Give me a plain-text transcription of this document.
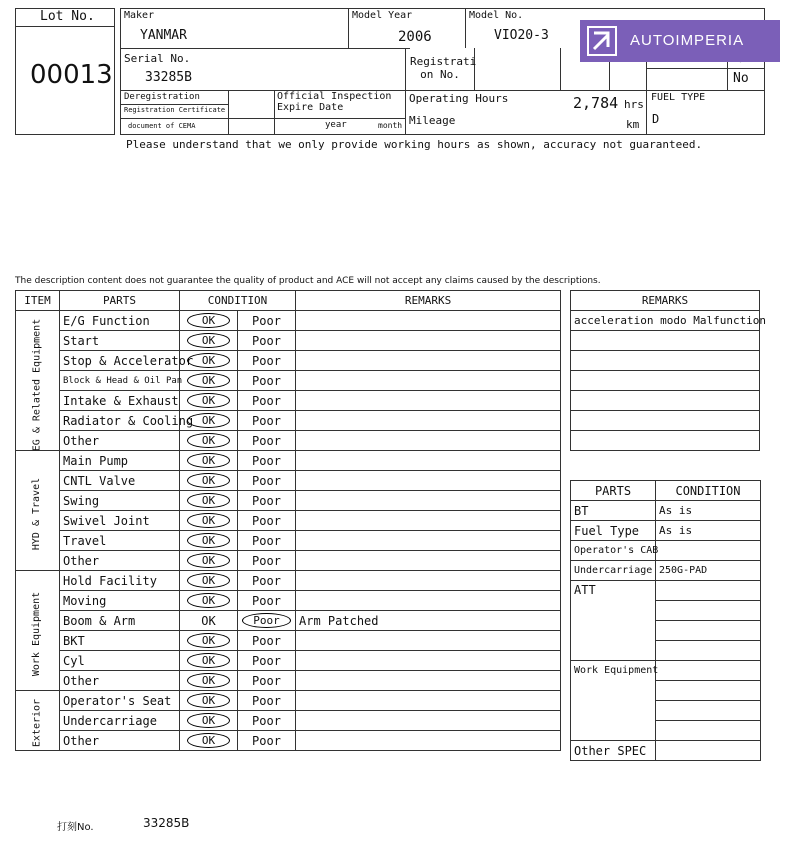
Lot No.
00013
Maker
YANMAR
Model Year
2006
Model No.
VIO20-3
Serial No.
33285B
Registrati on No.	No
Deregistration
Registration Certificate
document of CEMA
Official Inspection Expire Date
year	month
Operating Hours	2,784 hrs
Mileage	km
FUEL TYPE
D
AUTOIMPERIA
Please understand that we only provide working hours as shown, accuracy not guaranteed.
The description content does not guarantee the quality of product and ACE will not accept any claims caused by the descriptions.
ITEM	PARTS	CONDITION		REMARKS

EG & Related Equipment	E/G Function	OK	Poor	
	Start	OK	Poor	
	Stop & Accelerator	OK	Poor	
	Block & Head & Oil Pan	OK	Poor	
	Intake & Exhaust	OK	Poor	
	Radiator & Cooling	OK	Poor	
	Other	OK	Poor	

HYD & Travel	Main Pump	OK	Poor	
	CNTL Valve	OK	Poor	
	Swing	OK	Poor	
	Swivel Joint	OK	Poor	
	Travel	OK	Poor	
	Other	OK	Poor	

Work Equipment	Hold Facility	OK	Poor	
	Moving	OK	Poor	
	Boom & Arm	OK	Poor	Arm Patched
	BKT	OK	Poor	
	Cyl	OK	Poor	
	Other	OK	Poor	

Exterior	Operator's Seat	OK	Poor	
	Undercarriage	OK	Poor	
	Other	OK	Poor	
REMARKS
acceleration modo Malfunction

PARTS	CONDITION
BT	As is
Fuel Type	As is
Operator's CAB	
Undercarriage	250G-PAD
ATT	

Work Equipment	

Other SPEC	
打刻No.	33285B
